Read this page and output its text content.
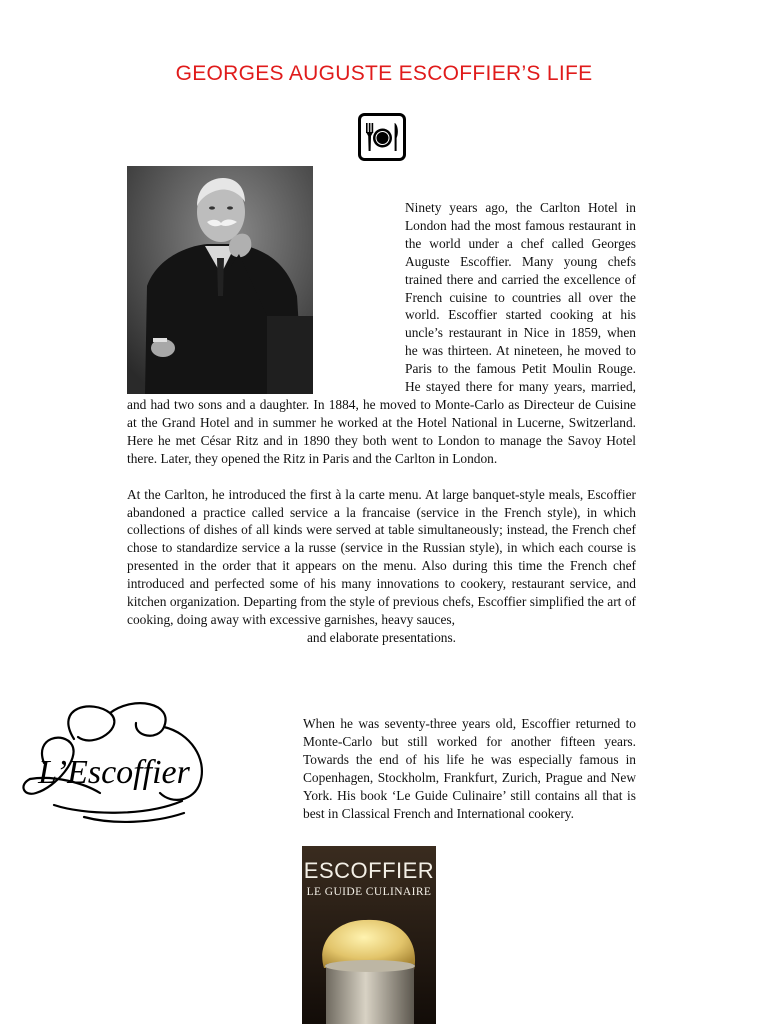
GEORGES AUGUSTE ESCOFFIER’S LIFE

Ninety years ago, the Carlton Hotel in London had the most famous restaurant in the world under a chef called Georges Auguste Escoffier. Many young chefs trained there and carried the excellence of French cuisine to countries all over the world. Escoffier started cooking at his uncle’s restaurant in Nice in 1859, when he was thirteen. At nineteen, he moved to Paris to the famous Petit Moulin Rouge. He stayed there for many years, married, and had two sons and a daughter. In 1884, he moved to Monte-Carlo as Directeur de Cuisine at the Grand Hotel and in summer he worked at the Hotel National in Lucerne, Switzerland. Here he met César Ritz and in 1890 they both went to London to manage the Savoy Hotel there. Later, they opened the Ritz in Paris and the Carlton in London.

At the Carlton, he introduced the first à la carte menu. At large banquet-style meals, Escoffier abandoned a practice called service a la francaise (service in the French style), in which collections of dishes of all kinds were served at table simultaneously; instead, the French chef chose to standardize service a la russe (service in the Russian style), in which each course is presented in the order that it appears on the menu. Also during this time the French chef introduced and perfected some of his many innovations to cookery, restaurant service, and kitchen organization. Departing from the style of previous chefs, Escoffier simplified the art of cooking, doing away with excessive garnishes, heavy sauces,

and elaborate presentations.

L’Escoffier

When he was seventy-three years old, Escoffier returned to Monte-Carlo but still worked for another fifteen years. Towards the end of his life he was especially famous in Copenhagen, Stockholm, Frankfurt, Zurich, Prague and New York. His book ‘Le Guide Culinaire’ still contains all that is best in Classical French and International cookery.

ESCOFFIER
LE GUIDE CULINAIRE
